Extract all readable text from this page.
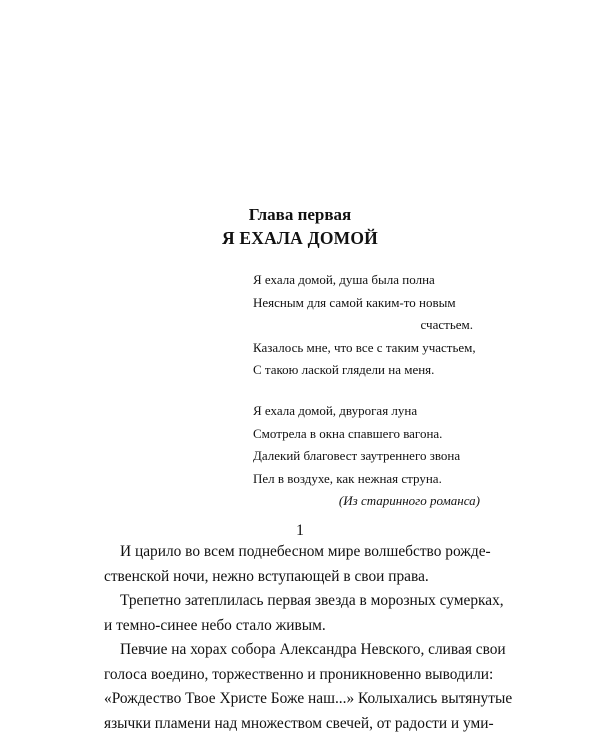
Глава первая
Я ЕХАЛА ДОМОЙ
Я ехала домой, душа была полна
Неясным для самой каким-то новым
счастьем.
Казалось мне, что все с таким участьем,
С такою лаской глядели на меня.
Я ехала домой, двурогая луна
Смотрела в окна спавшего вагона.
Далекий благовест заутреннего звона
Пел в воздухе, как нежная струна.
(Из старинного романса)
1
И царило во всем поднебесном мире волшебство рожде-
ственской ночи, нежно вступающей в свои права.
Трепетно затеплилась первая звезда в морозных сумерках,
и темно-синее небо стало живым.
Певчие на хорах собора Александра Невского, сливая свои
голоса воедино, торжественно и проникновенно выводили:
«Рождество Твое Христе Боже наш...» Колыхались вытянутые
язычки пламени над множеством свечей, от радости и уми-
